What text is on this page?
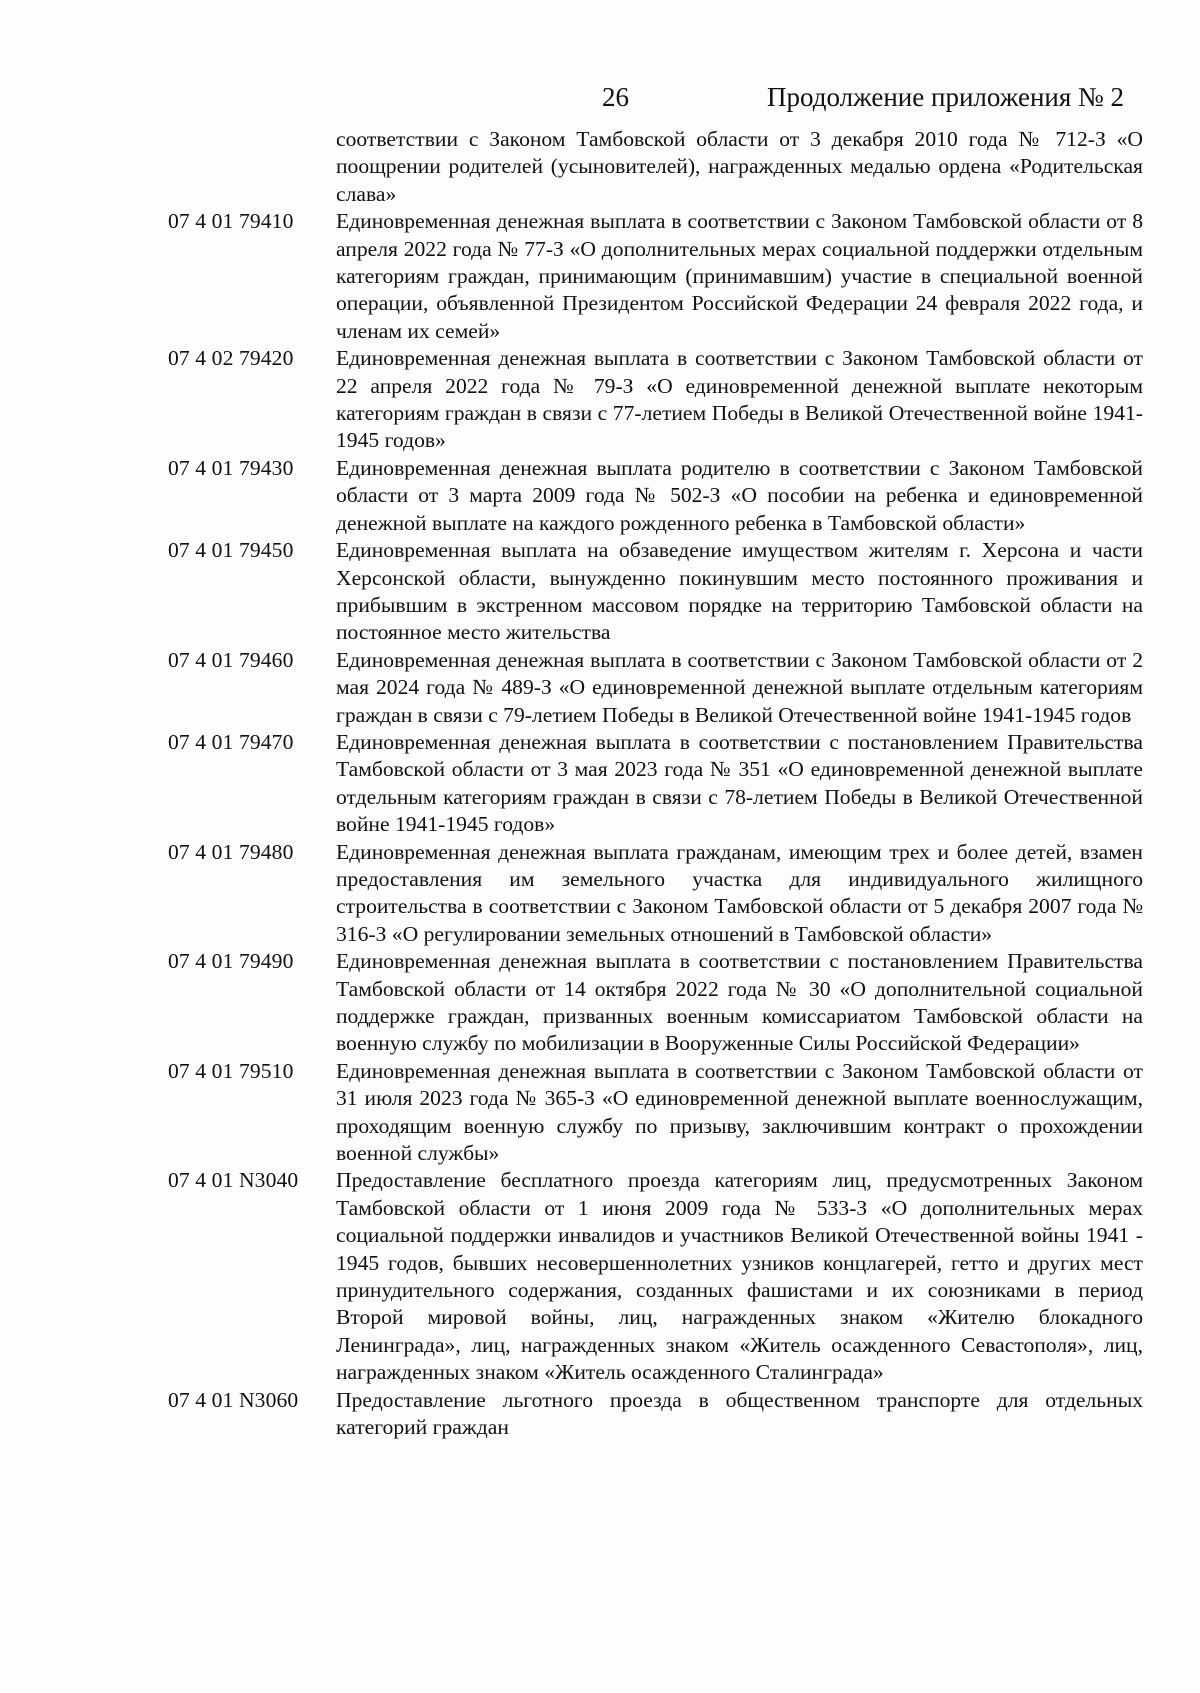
26	Продолжение приложения № 2
соответствии с Законом Тамбовской области от 3 декабря 2010 года № 712-З «О поощрении родителей (усыновителей), награжденных медалью ордена «Родительская слава»
07 4 01 79410	Единовременная денежная выплата в соответствии с Законом Тамбовской области от 8 апреля 2022 года № 77-З «О дополнительных мерах социальной поддержки отдельным категориям граждан, принимающим (принимавшим) участие в специальной военной операции, объявленной Президентом Российской Федерации 24 февраля 2022 года, и членам их семей»
07 4 02 79420	Единовременная денежная выплата в соответствии с Законом Тамбовской области от 22 апреля 2022 года № 79-З «О единовременной денежной выплате некоторым категориям граждан в связи с 77-летием Победы в Великой Отечественной войне 1941-1945 годов»
07 4 01 79430	Единовременная денежная выплата родителю в соответствии с Законом Тамбовской области от 3 марта 2009 года № 502-З «О пособии на ребенка и единовременной денежной выплате на каждого рожденного ребенка в Тамбовской области»
07 4 01 79450	Единовременная выплата на обзаведение имуществом жителям г. Херсона и части Херсонской области, вынужденно покинувшим место постоянного проживания и прибывшим в экстренном массовом порядке на территорию Тамбовской области на постоянное место жительства
07 4 01 79460	Единовременная денежная выплата в соответствии с Законом Тамбовской области от 2 мая 2024 года № 489-З «О единовременной денежной выплате отдельным категориям граждан в связи с 79-летием Победы в Великой Отечественной войне 1941-1945 годов
07 4 01 79470	Единовременная денежная выплата в соответствии с постановлением Правительства Тамбовской области от 3 мая 2023 года № 351 «О единовременной денежной выплате отдельным категориям граждан в связи с 78-летием Победы в Великой Отечественной войне 1941-1945 годов»
07 4 01 79480	Единовременная денежная выплата гражданам, имеющим трех и более детей, взамен предоставления им земельного участка для индивидуального жилищного строительства в соответствии с Законом Тамбовской области от 5 декабря 2007 года № 316-З «О регулировании земельных отношений в Тамбовской области»
07 4 01 79490	Единовременная денежная выплата в соответствии с постановлением Правительства Тамбовской области от 14 октября 2022 года № 30 «О дополнительной социальной поддержке граждан, призванных военным комиссариатом Тамбовской области на военную службу по мобилизации в Вооруженные Силы Российской Федерации»
07 4 01 79510	Единовременная денежная выплата в соответствии с Законом Тамбовской области от 31 июля 2023 года № 365-З «О единовременной денежной выплате военнослужащим, проходящим военную службу по призыву, заключившим контракт о прохождении военной службы»
07 4 01 N3040	Предоставление бесплатного проезда категориям лиц, предусмотренных Законом Тамбовской области от 1 июня 2009 года № 533-З «О дополнительных мерах социальной поддержки инвалидов и участников Великой Отечественной войны 1941 - 1945 годов, бывших несовершеннолетних узников концлагерей, гетто и других мест принудительного содержания, созданных фашистами и их союзниками в период Второй мировой войны, лиц, награжденных знаком «Жителю блокадного Ленинграда», лиц, награжденных знаком «Житель осажденного Севастополя», лиц, награжденных знаком «Житель осажденного Сталинграда»
07 4 01 N3060	Предоставление льготного проезда в общественном транспорте для отдельных категорий граждан
